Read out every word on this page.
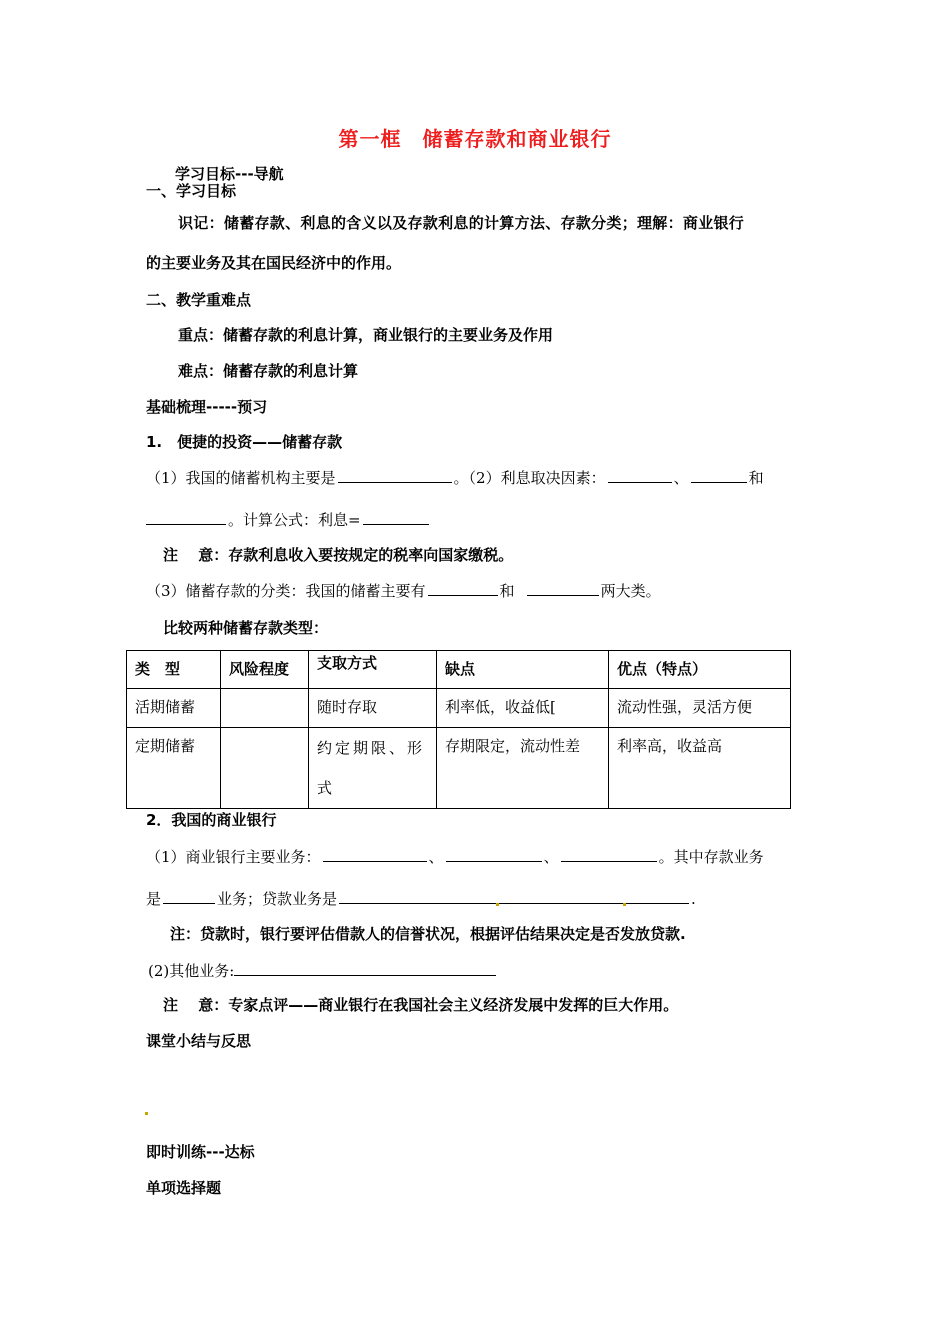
第一框　储蓄存款和商业银行
学习目标---导航
一、学习目标
识记：储蓄存款、利息的含义以及存款利息的计算方法、存款分类；理解：商业银行
的主要业务及其在国民经济中的作用。
二、教学重难点
重点：储蓄存款的利息计算，商业银行的主要业务及作用
难点：储蓄存款的利息计算
基础梳理-----预习
1.　便捷的投资——储蓄存款
（1）我国的储蓄机构主要是	。（2）利息取决因素：	、	和
。计算公式：利息=
注　 意：存款利息收入要按规定的税率向国家缴税。
（3）储蓄存款的分类：我国的储蓄主要有	和	两大类。
比较两种储蓄存款类型：
类　型	风险程度	支取方式	缺点	优点（特点）
活期储蓄		随时存取	利率低，收益低[	流动性强，灵活方便
定期储蓄		约定期限、形式	存期限定，流动性差	利率高，收益高
2．我国的商业银行
（1）商业银行主要业务：	、	、	。其中存款业务
是	业务；贷款业务是	.
注：贷款时，银行要评估借款人的信誉状况，根据评估结果决定是否发放贷款.
(2)其他业务:
注　 意：专家点评——商业银行在我国社会主义经济发展中发挥的巨大作用。
课堂小结与反思
即时训练---达标
单项选择题
